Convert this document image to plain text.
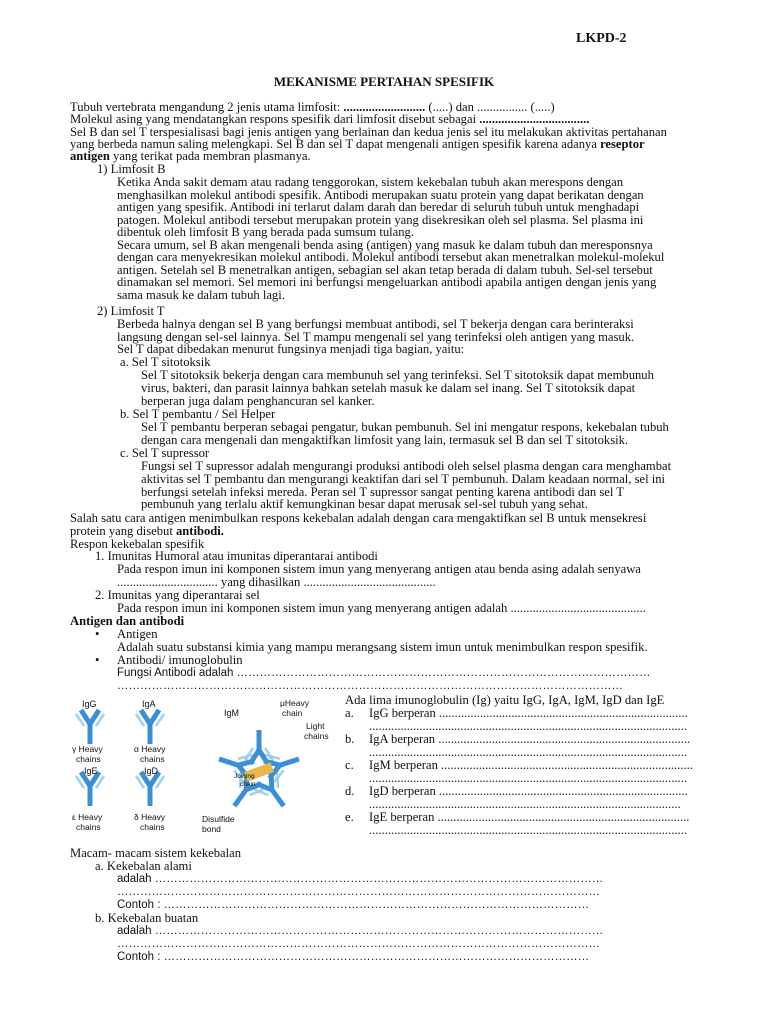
LKPD-2
MEKANISME PERTAHAN SPESIFIK
Tubuh vertebrata mengandung 2 jenis utama limfosit: .......................... (.....) dan ................ (.....)
Molekul asing yang mendatangkan respons spesifik dari limfosit disebut sebagai ...................................
Sel B dan sel T terspesialisasi bagi jenis antigen yang berlainan dan kedua jenis sel itu melakukan aktivitas pertahanan
yang berbeda namun saling melengkapi. Sel B dan sel T dapat mengenali antigen spesifik karena adanya reseptor
antigen yang terikat pada membran plasmanya.
1) Limfosit B
Ketika Anda sakit demam atau radang tenggorokan, sistem kekebalan tubuh akan merespons dengan
menghasilkan molekul antibodi spesifik. Antibodi merupakan suatu protein yang dapat berikatan dengan
antigen yang spesifik. Antibodi ini terlarut dalam darah dan beredar di seluruh tubuh untuk menghadapi
patogen. Molekul antibodi tersebut merupakan protein yang disekresikan oleh sel plasma. Sel plasma ini
dibentuk oleh limfosit B yang berada pada sumsum tulang.
Secara umum, sel B akan mengenali benda asing (antigen) yang masuk ke dalam tubuh dan meresponsnya
dengan cara menyekresikan molekul antibodi. Molekul antibodi tersebut akan menetralkan molekul-molekul
antigen. Setelah sel B menetralkan antigen, sebagian sel akan tetap berada di dalam tubuh. Sel-sel tersebut
dinamakan sel memori. Sel memori ini berfungsi mengeluarkan antibodi apabila antigen dengan jenis yang
sama masuk ke dalam tubuh lagi.
2) Limfosit T
Berbeda halnya dengan sel B yang berfungsi membuat antibodi, sel T bekerja dengan cara berinteraksi
langsung dengan sel-sel lainnya. Sel T mampu mengenali sel yang terinfeksi oleh antigen yang masuk.
Sel T dapat dibedakan menurut fungsinya menjadi tiga bagian, yaitu:
a. Sel T sitotoksik
Sel T sitotoksik bekerja dengan cara membunuh sel yang terinfeksi. Sel T sitotoksik dapat membunuh
virus, bakteri, dan parasit lainnya bahkan setelah masuk ke dalam sel inang. Sel T sitotoksik dapat
berperan juga dalam penghancuran sel kanker.
b. Sel T pembantu / Sel Helper
Sel T pembantu berperan sebagai pengatur, bukan pembunuh. Sel ini mengatur respons, kekebalan tubuh
dengan cara mengenali dan mengaktifkan limfosit yang lain, termasuk sel B dan sel T sitotoksik.
c. Sel T supressor
Fungsi sel T supressor adalah mengurangi produksi antibodi oleh selsel plasma dengan cara menghambat
aktivitas sel T pembantu dan mengurangi keaktifan dari sel T pembunuh. Dalam keadaan normal, sel ini
berfungsi setelah infeksi mereda. Peran sel T supressor sangat penting karena antibodi dan sel T
pembunuh yang terlalu aktif kemungkinan besar dapat merusak sel-sel tubuh yang sehat.
Salah satu cara antigen menimbulkan respons kekebalan adalah dengan cara mengaktifkan sel B untuk mensekresi
protein yang disebut antibodi.
Respon kekebalan spesifik
1. Imunitas Humoral atau imunitas diperantarai antibodi
Pada respon imun ini komponen sistem imun yang menyerang antigen atau benda asing adalah senyawa
................................ yang dihasilkan ..........................................
2. Imunitas yang diperantarai sel
Pada respon imun ini komponen sistem imun yang menyerang antigen adalah ...........................................
Antigen dan antibodi
•	Antigen
Adalah suatu substansi kimia yang mampu merangsang sistem imun untuk menimbulkan respon spesifik.
•	Antibodi/ imunoglobulin
Fungsi Antibodi adalah ………………………………………………………………………………………………
……………………………………………………………………………………………………………………
IgG	IgA
IgM
γ Heavy
chains
α Heavy
chains
IgE	IgD
ε Heavy
chains
δ Heavy
chains
μHeavy
chain
Light
chains
Joining
chain
Disulfide
bond
Ada lima imunoglobulin (Ig) yaitu IgG, IgA, IgM, IgD dan IgE
a.	IgG berperan ...............................................................................
.....................................................................................................
b.	IgA berperan ................................................................................
.....................................................................................................
c.	IgM berperan ................................................................................
.....................................................................................................
d.	IgD berperan ...............................................................................
...................................................................................................
e.	IgE berperan ................................................................................
.....................................................................................................
Macam- macam sistem kekebalan
a. Kekebalan alami
adalah ………………………………………………………………………………………………………
………………………………………………………………………………………………………………
Contoh : …………………………………………………………………………………………………
b. Kekebalan buatan
adalah ………………………………………………………………………………………………………
………………………………………………………………………………………………………………
Contoh : …………………………………………………………………………………………………
